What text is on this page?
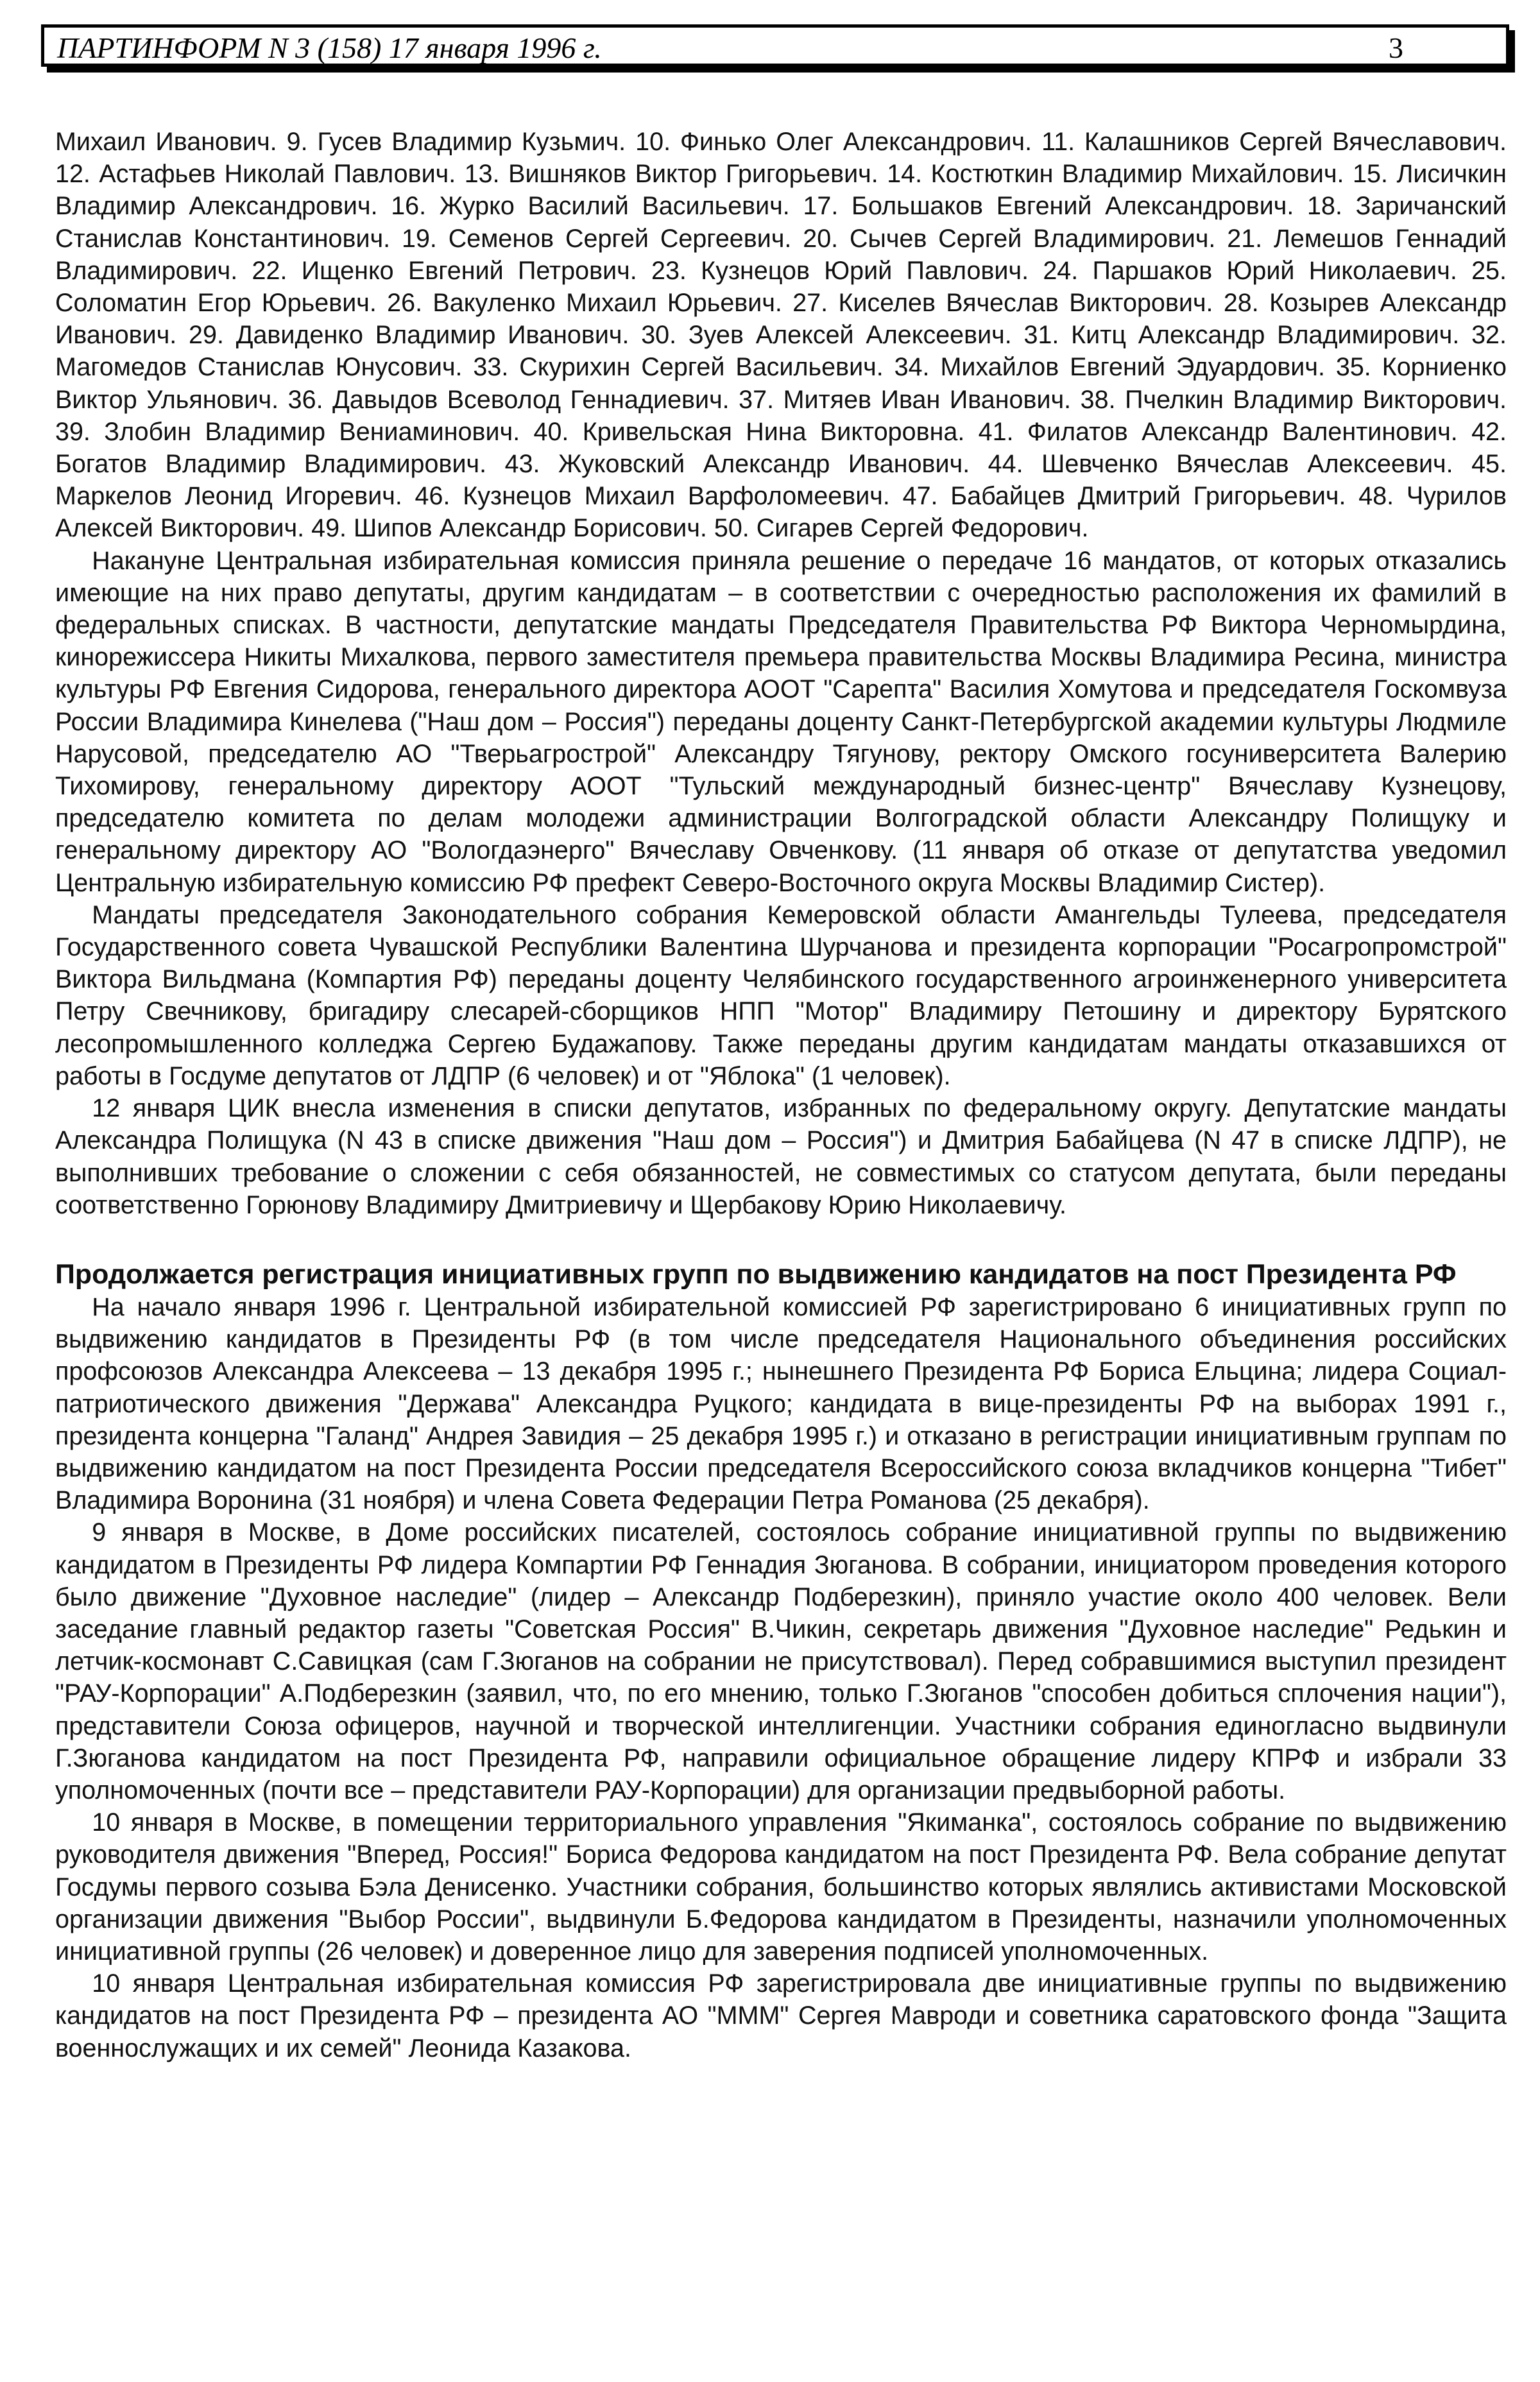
ПАРТИНФОРМ N 3 (158) 17 января 1996 г.	3

Михаил Иванович. 9. Гусев Владимир Кузьмич. 10. Финько Олег Александрович. 11. Калашников Сергей Вячеславович. 12. Астафьев Николай Павлович. 13. Вишняков Виктор Григорьевич. 14. Костюткин Владимир Михайлович. 15. Лисичкин Владимир Александрович. 16. Журко Василий Васильевич. 17. Большаков Евгений Александрович. 18. Заричанский Станислав Константинович. 19. Семенов Сергей Сергеевич. 20. Сычев Сергей Владимирович. 21. Лемешов Геннадий Владимирович. 22. Ищенко Евгений Петрович. 23. Кузнецов Юрий Павлович. 24. Паршаков Юрий Николаевич. 25. Соломатин Егор Юрьевич. 26. Вакуленко Михаил Юрьевич. 27. Киселев Вячеслав Викторович. 28. Козырев Александр Иванович. 29. Давиденко Владимир Иванович. 30. Зуев Алексей Алексеевич. 31. Китц Александр Владимирович. 32. Магомедов Станислав Юнусович. 33. Скурихин Сергей Васильевич. 34. Михайлов Евгений Эдуардович. 35. Корниенко Виктор Ульянович. 36. Давыдов Всеволод Геннадиевич. 37. Митяев Иван Иванович. 38. Пчелкин Владимир Викторович. 39. Злобин Владимир Вениаминович. 40. Кривельская Нина Викторовна. 41. Филатов Александр Валентинович. 42. Богатов Владимир Владимирович. 43. Жуковский Александр Иванович. 44. Шевченко Вячеслав Алексеевич. 45. Маркелов Леонид Игоревич. 46. Кузнецов Михаил Варфоломеевич. 47. Бабайцев Дмитрий Григорьевич. 48. Чурилов Алексей Викторович. 49. Шипов Александр Борисович. 50. Сигарев Сергей Федорович.

Накануне Центральная избирательная комиссия приняла решение о передаче 16 мандатов, от которых отказались имеющие на них право депутаты, другим кандидатам – в соответствии с очередностью расположения их фамилий в федеральных списках. В частности, депутатские мандаты Председателя Правительства РФ Виктора Черномырдина, кинорежиссера Никиты Михалкова, первого заместителя премьера правительства Москвы Владимира Ресина, министра культуры РФ Евгения Сидорова, генерального директора АООТ "Сарепта" Василия Хомутова и председателя Госкомвуза России Владимира Кинелева ("Наш дом – Россия") переданы доценту Санкт-Петербургской академии культуры Людмиле Нарусовой, председателю АО "Тверьагрострой" Александру Тягунову, ректору Омского госуниверситета Валерию Тихомирову, генеральному директору АООТ "Тульский международный бизнес-центр" Вячеславу Кузнецову, председателю комитета по делам молодежи администрации Волгоградской области Александру Полищуку и генеральному директору АО "Вологдаэнерго" Вячеславу Овченкову. (11 января об отказе от депутатства уведомил Центральную избирательную комиссию РФ префект Северо-Восточного округа Москвы Владимир Систер).

Мандаты председателя Законодательного собрания Кемеровской области Амангельды Тулеева, председателя Государственного совета Чувашской Республики Валентина Шурчанова и президента корпорации "Росагропромстрой" Виктора Вильдмана (Компартия РФ) переданы доценту Челябинского государственного агроинженерного университета Петру Свечникову, бригадиру слесарей-сборщиков НПП "Мотор" Владимиру Петошину и директору Бурятского лесопромышленного колледжа Сергею Будажапову. Также переданы другим кандидатам мандаты отказавшихся от работы в Госдуме депутатов от ЛДПР (6 человек) и от "Яблока" (1 человек).

12 января ЦИК внесла изменения в списки депутатов, избранных по федеральному округу. Депутатские мандаты Александра Полищука (N 43 в списке движения "Наш дом – Россия") и Дмитрия Бабайцева (N 47 в списке ЛДПР), не выполнивших требование о сложении с себя обязанностей, не совместимых со статусом депутата, были переданы соответственно Горюнову Владимиру Дмитриевичу и Щербакову Юрию Николаевичу.

Продолжается регистрация инициативных групп по выдвижению кандидатов на пост Президента РФ

На начало января 1996 г. Центральной избирательной комиссией РФ зарегистрировано 6 инициативных групп по выдвижению кандидатов в Президенты РФ (в том числе председателя Национального объединения российских профсоюзов Александра Алексеева – 13 декабря 1995 г.; нынешнего Президента РФ Бориса Ельцина; лидера Социал-патриотического движения "Держава" Александра Руцкого; кандидата в вице-президенты РФ на выборах 1991 г., президента концерна "Галанд" Андрея Завидия – 25 декабря 1995 г.) и отказано в регистрации инициативным группам по выдвижению кандидатом на пост Президента России председателя Всероссийского союза вкладчиков концерна "Тибет" Владимира Воронина (31 ноября) и члена Совета Федерации Петра Романова (25 декабря).

9 января в Москве, в Доме российских писателей, состоялось собрание инициативной группы по выдвижению кандидатом в Президенты РФ лидера Компартии РФ Геннадия Зюганова. В собрании, инициатором проведения которого было движение "Духовное наследие" (лидер – Александр Подберезкин), приняло участие около 400 человек. Вели заседание главный редактор газеты "Советская Россия" В.Чикин, секретарь движения "Духовное наследие" Редькин и летчик-космонавт С.Савицкая (сам Г.Зюганов на собрании не присутствовал). Перед собравшимися выступил президент "РАУ-Корпорации" А.Подберезкин (заявил, что, по его мнению, только Г.Зюганов "способен добиться сплочения нации"), представители Союза офицеров, научной и творческой интеллигенции. Участники собрания единогласно выдвинули Г.Зюганова кандидатом на пост Президента РФ, направили официальное обращение лидеру КПРФ и избрали 33 уполномоченных (почти все – представители РАУ-Корпорации) для организации предвыборной работы.

10 января в Москве, в помещении территориального управления "Якиманка", состоялось собрание по выдвижению руководителя движения "Вперед, Россия!" Бориса Федорова кандидатом на пост Президента РФ. Вела собрание депутат Госдумы первого созыва Бэла Денисенко. Участники собрания, большинство которых являлись активистами Московской организации движения "Выбор России", выдвинули Б.Федорова кандидатом в Президенты, назначили уполномоченных инициативной группы (26 человек) и доверенное лицо для заверения подписей уполномоченных.

10 января Центральная избирательная комиссия РФ зарегистрировала две инициативные группы по выдвижению кандидатов на пост Президента РФ – президента АО "МММ" Сергея Мавроди и советника саратовского фонда "Защита военнослужащих и их семей" Леонида Казакова.
